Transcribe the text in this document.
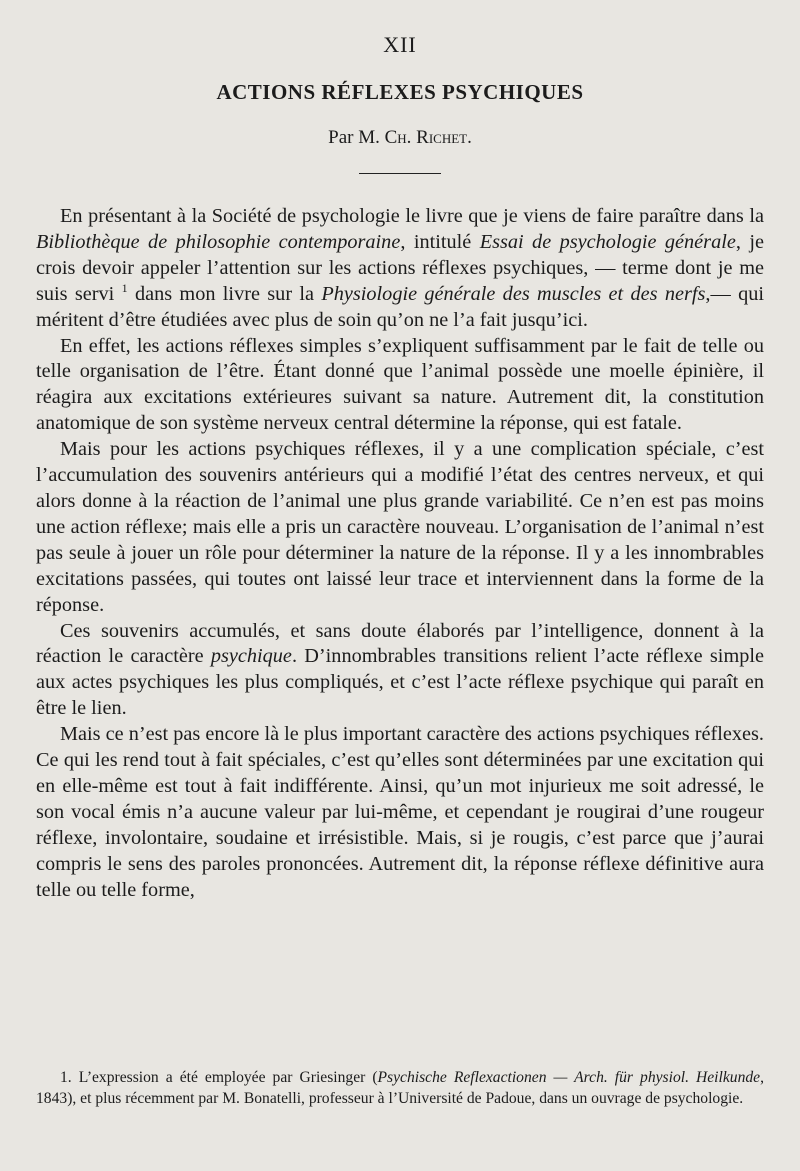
XII
ACTIONS RÉFLEXES PSYCHIQUES
Par M. Ch. Richet.

En présentant à la Société de psychologie le livre que je viens de faire paraître dans la Bibliothèque de philosophie contemporaine, intitulé Essai de psychologie générale, je crois devoir appeler l’attention sur les actions réflexes psychiques, — terme dont je me suis servi $^1$ dans mon livre sur la Physiologie générale des muscles et des nerfs,— qui méritent d’être étudiées avec plus de soin qu’on ne l’a fait jusqu’ici.

En effet, les actions réflexes simples s’expliquent suffisamment par le fait de telle ou telle organisation de l’être. Étant donné que l’animal possède une moelle épinière, il réagira aux excitations extérieures suivant sa nature. Autrement dit, la constitution anatomique de son système nerveux central détermine la réponse, qui est fatale.

Mais pour les actions psychiques réflexes, il y a une complication spéciale, c’est l’accumulation des souvenirs antérieurs qui a modifié l’état des centres nerveux, et qui alors donne à la réaction de l’animal une plus grande variabilité. Ce n’en est pas moins une action réflexe; mais elle a pris un caractère nouveau. L’organisation de l’animal n’est pas seule à jouer un rôle pour déterminer la nature de la réponse. Il y a les innombrables excitations passées, qui toutes ont laissé leur trace et interviennent dans la forme de la réponse.

Ces souvenirs accumulés, et sans doute élaborés par l’intelligence, donnent à la réaction le caractère psychique. D’innombrables transitions relient l’acte réflexe simple aux actes psychiques les plus compliqués, et c’est l’acte réflexe psychique qui paraît en être le lien.

Mais ce n’est pas encore là le plus important caractère des actions psychiques réflexes. Ce qui les rend tout à fait spéciales, c’est qu’elles sont déterminées par une excitation qui en elle-même est tout à fait indifférente. Ainsi, qu’un mot injurieux me soit adressé, le son vocal émis n’a aucune valeur par lui-même, et cependant je rougirai d’une rougeur réflexe, involontaire, soudaine et irrésistible. Mais, si je rougis, c’est parce que j’aurai compris le sens des paroles prononcées. Autrement dit, la réponse réflexe définitive aura telle ou telle forme,

1. L’expression a été employée par Griesinger (Psychische Reflexactionen — Arch. für physiol. Heilkunde, 1843), et plus récemment par M. Bonatelli, professeur à l’Université de Padoue, dans un ouvrage de psychologie.
